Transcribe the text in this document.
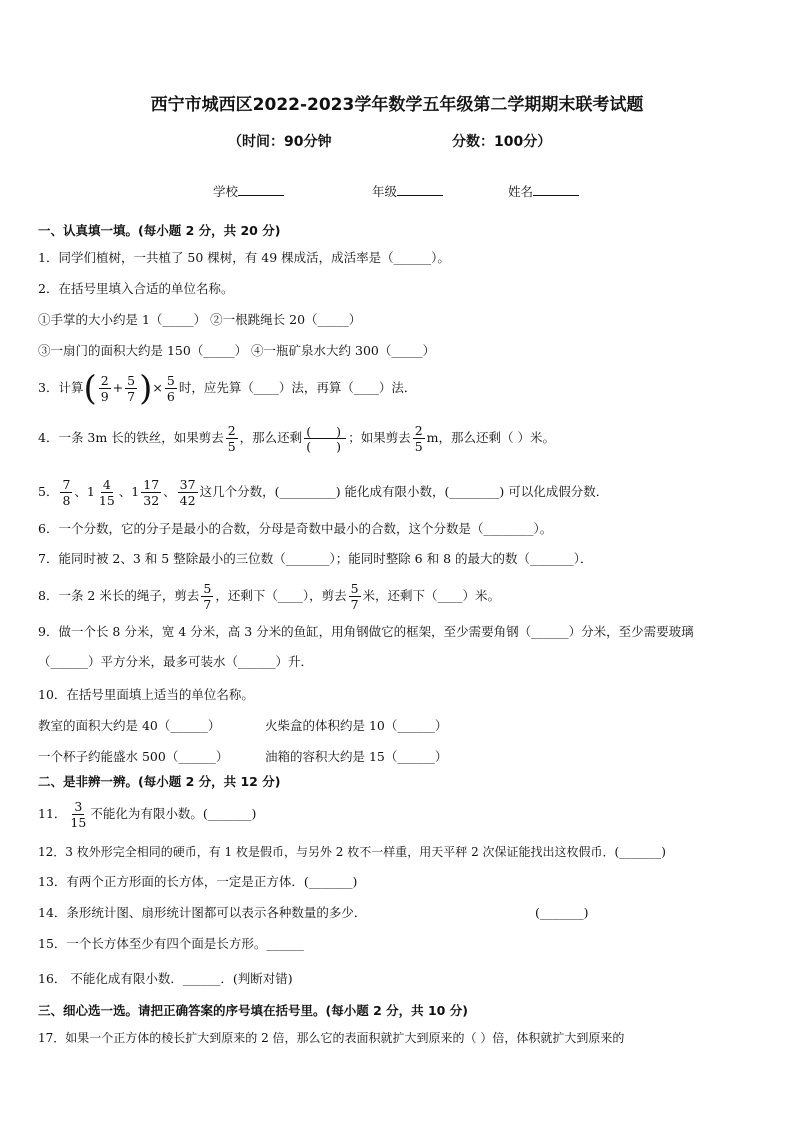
西宁市城西区2022-2023学年数学五年级第二学期期末联考试题
（时间：90分钟	分数：100分）
学校	年级	姓名
一、认真填一填。(每小题 2 分，共 20 分)
1．同学们植树，一共植了 50 棵树，有 49 棵成活，成活率是（______）。
2．在括号里填入合适的单位名称。
①手掌的大小约是 1（_____） ②一根跳绳长 20（_____）
③一扇门的面积大约是 150（_____） ④一瓶矿泉水大约 300（_____）
3．计算( $\frac{2}{9} + \frac{5}{7}$ )× $\frac{5}{6}$ 时，应先算（____）法，再算（____）法．
4．一条 3m 长的铁丝，如果剪去 $\frac{2}{5}$ ，那么还剩 $\frac{( )}{( )}$ ；如果剪去 $\frac{2}{5}$ m，那么还剩（ ）米。
5． $\frac{7}{8}$ 、$1 \frac{4}{15}$ 、$1 \frac{17}{32}$ 、 $\frac{37}{42}$ 这几个分数，(_________) 能化成有限小数，(________) 可以化成假分数．
6．一个分数，它的分子是最小的合数，分母是奇数中最小的合数，这个分数是（________）。
7．能同时被 2、3 和 5 整除最小的三位数（_______）；能同时整除 6 和 8 的最大的数（_______）．
8．一条 2 米长的绳子，剪去 $\frac{5}{7}$ ，还剩下（____），剪去 $\frac{5}{7}$ 米，还剩下（____）米。
9．做一个长 8 分米，宽 4 分米，高 3 分米的鱼缸，用角钢做它的框架，至少需要角钢（______）分米，至少需要玻璃
（______）平方分米，最多可装水（______）升．
10．在括号里面填上适当的单位名称。
教室的面积大约是 40（______）	火柴盒的体积约是 10（______）
一个杯子约能盛水 500（______）	油箱的容积大约是 15（______）
二、是非辨一辨。(每小题 2 分，共 12 分)
11． $\frac{3}{15}$ 不能化为有限小数。(_______)
12．3 枚外形完全相同的硬币，有 1 枚是假币，与另外 2 枚不一样重，用天平秤 2 次保证能找出这枚假币．(_______)
13．有两个正方形面的长方体，一定是正方体．(_______)
14．条形统计图、扇形统计图都可以表示各种数量的多少．	(_______)
15．一个长方体至少有四个面是长方形。______
16． 不能化成有限小数．______．(判断对错)
三、细心选一选。请把正确答案的序号填在括号里。(每小题 2 分，共 10 分)
17．如果一个正方体的棱长扩大到原来的 2 倍，那么它的表面积就扩大到原来的（ ）倍，体积就扩大到原来的
